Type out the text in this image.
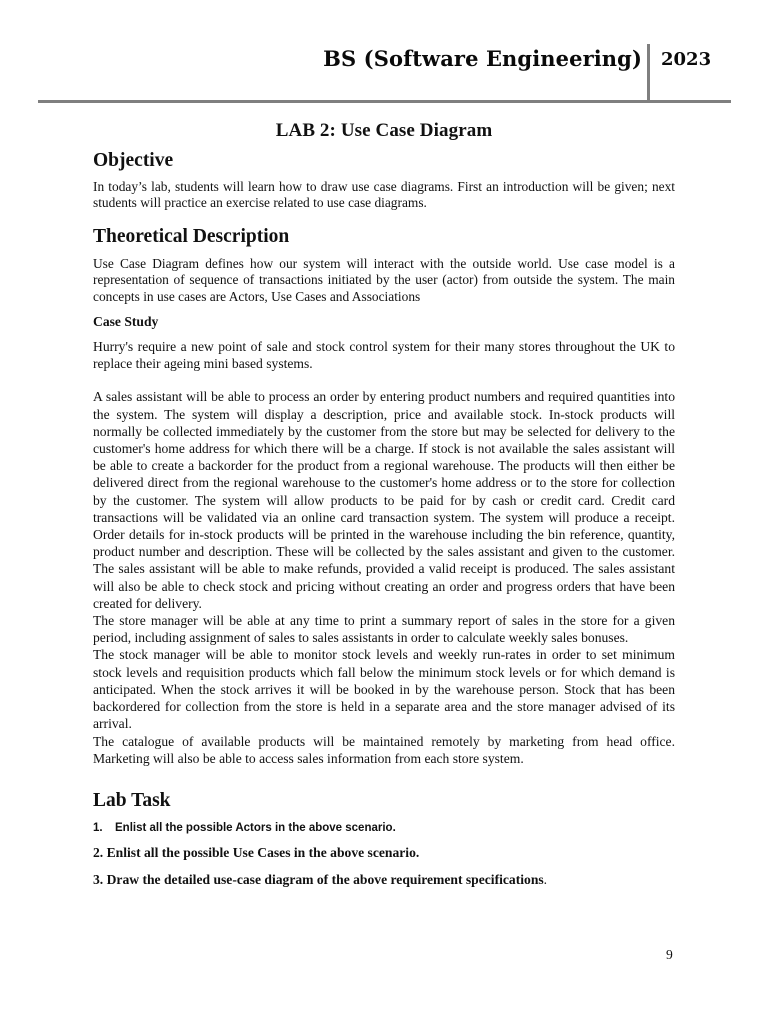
BS (Software Engineering) 2023
LAB 2: Use Case Diagram
Objective

In today’s lab, students will learn how to draw use case diagrams. First an introduction will be given; next students will practice an exercise related to use case diagrams.

Theoretical Description

Use Case Diagram defines how our system will interact with the outside world. Use case model is a representation of sequence of transactions initiated by the user (actor) from outside the system. The main concepts in use cases are Actors, Use Cases and Associations

Case Study

Hurry's require a new point of sale and stock control system for their many stores throughout the UK to replace their ageing mini based systems.

A sales assistant will be able to process an order by entering product numbers and required quantities into the system. The system will display a description, price and available stock. In-stock products will normally be collected immediately by the customer from the store but may be selected for delivery to the customer's home address for which there will be a charge. If stock is not available the sales assistant will be able to create a backorder for the product from a regional warehouse. The products will then either be delivered direct from the regional warehouse to the customer's home address or to the store for collection by the customer. The system will allow products to be paid for by cash or credit card. Credit card transactions will be validated via an online card transaction system. The system will produce a receipt. Order details for in-stock products will be printed in the warehouse including the bin reference, quantity, product number and description. These will be collected by the sales assistant and given to the customer. The sales assistant will be able to make refunds, provided a valid receipt is produced. The sales assistant will also be able to check stock and pricing without creating an order and progress orders that have been created for delivery.

The store manager will be able at any time to print a summary report of sales in the store for a given period, including assignment of sales to sales assistants in order to calculate weekly sales bonuses.

The stock manager will be able to monitor stock levels and weekly run-rates in order to set minimum stock levels and requisition products which fall below the minimum stock levels or for which demand is anticipated. When the stock arrives it will be booked in by the warehouse person. Stock that has been backordered for collection from the store is held in a separate area and the store manager advised of its arrival.

The catalogue of available products will be maintained remotely by marketing from head office. Marketing will also be able to access sales information from each store system.

Lab Task
1.	Enlist all the possible Actors in the above scenario.
2. Enlist all the possible Use Cases in the above scenario.
3. Draw the detailed use-case diagram of the above requirement specifications.
9
